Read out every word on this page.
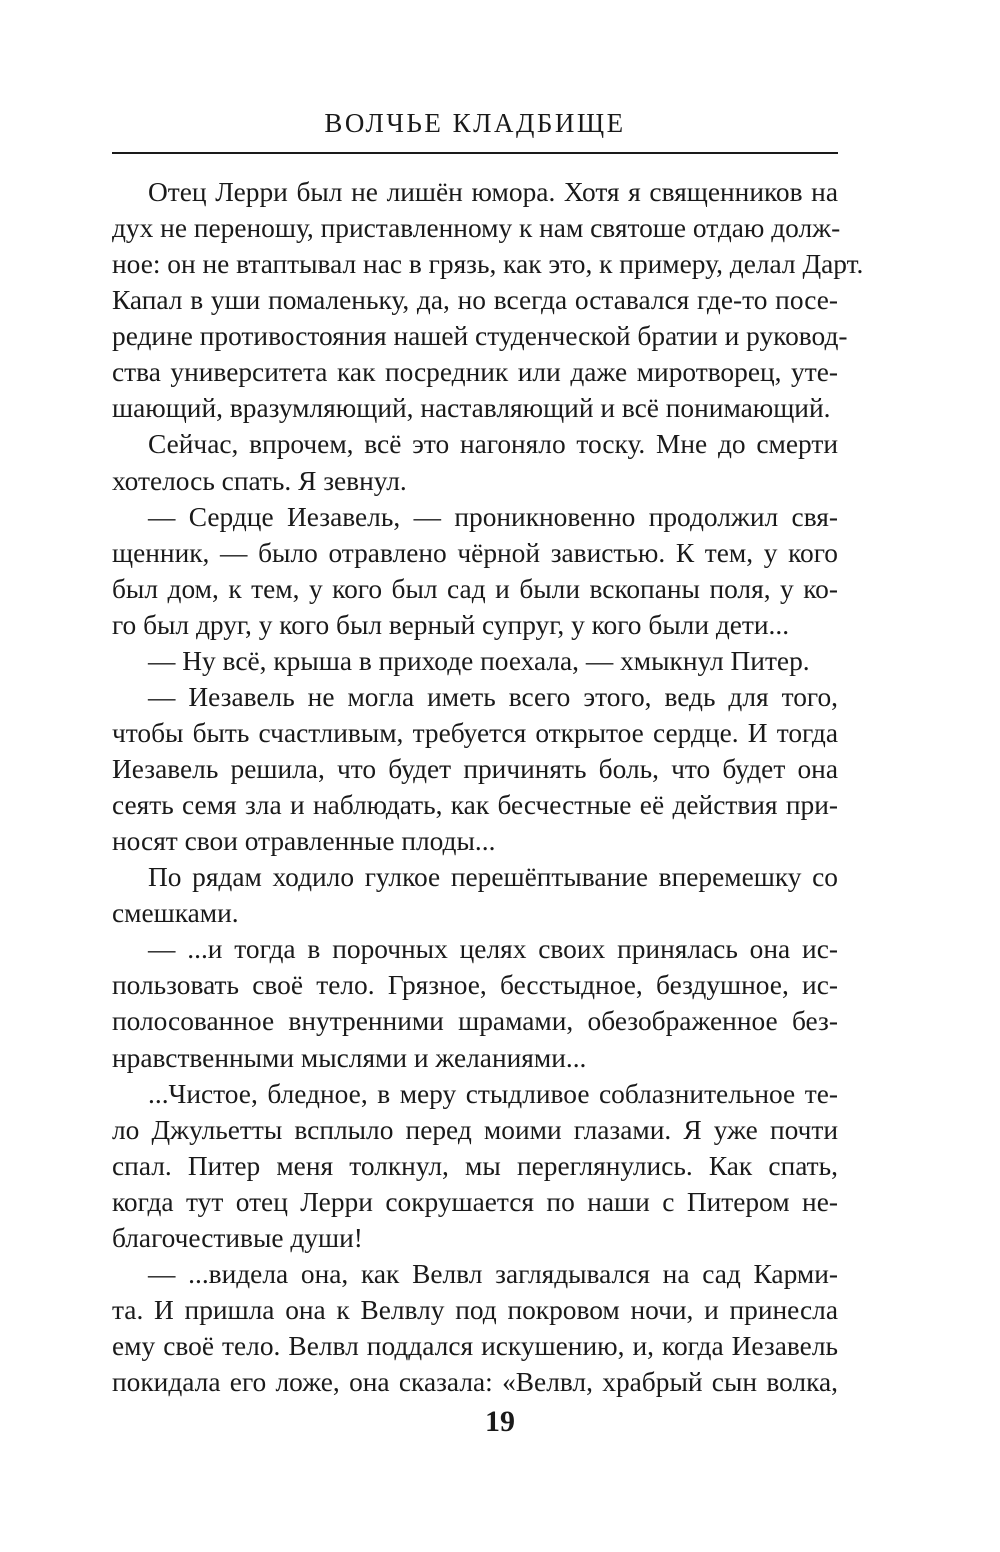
ВОЛЧЬЕ КЛАДБИЩЕ
Отец Лерри был не лишён юмора. Хотя я священников на
дух не переношу, приставленному к нам святоше отдаю долж-
ное: он не втаптывал нас в грязь, как это, к примеру, делал Дарт.
Капал в уши помаленьку, да, но всегда оставался где-то посе-
редине противостояния нашей студенческой братии и руковод-
ства университета как посредник или даже миротворец, уте-
шающий, вразумляющий, наставляющий и всё понимающий.
Сейчас, впрочем, всё это нагоняло тоску. Мне до смерти
хотелось спать. Я зевнул.
— Сердце Иезавель, — проникновенно продолжил свя-
щенник, — было отравлено чёрной завистью. К тем, у кого
был дом, к тем, у кого был сад и были вскопаны поля, у ко-
го был друг, у кого был верный супруг, у кого были дети...
— Ну всё, крыша в приходе поехала, — хмыкнул Питер.
— Иезавель не могла иметь всего этого, ведь для того,
чтобы быть счастливым, требуется открытое сердце. И тогда
Иезавель решила, что будет причинять боль, что будет она
сеять семя зла и наблюдать, как бесчестные её действия при-
носят свои отравленные плоды...
По рядам ходило гулкое перешёптывание вперемешку со
смешками.
— ...и тогда в порочных целях своих принялась она ис-
пользовать своё тело. Грязное, бесстыдное, бездушное, ис-
полосованное внутренними шрамами, обезображенное без-
нравственными мыслями и желаниями...
...Чистое, бледное, в меру стыдливое соблазнительное те-
ло Джульетты всплыло перед моими глазами. Я уже почти
спал. Питер меня толкнул, мы переглянулись. Как спать,
когда тут отец Лерри сокрушается по наши с Питером не-
благочестивые души!
— ...видела она, как Велвл заглядывался на сад Карми-
та. И пришла она к Велвлу под покровом ночи, и принесла
ему своё тело. Велвл поддался искушению, и, когда Иезавель
покидала его ложе, она сказала: «Велвл, храбрый сын волка,
19
